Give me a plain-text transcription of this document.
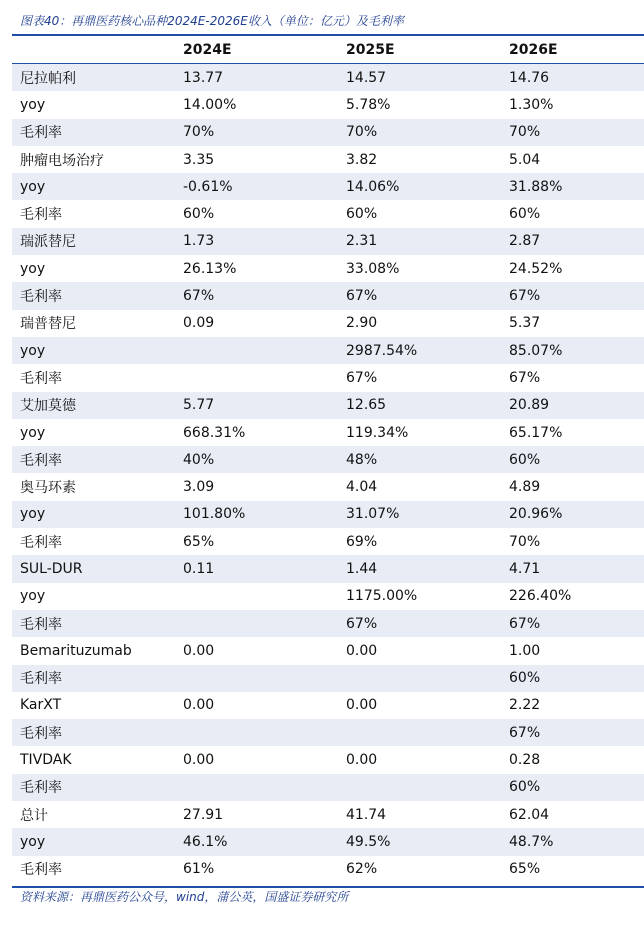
图表40：再鼎医药核心品种2024E-2026E收入（单位：亿元）及毛利率
	2024E	2025E	2026E
尼拉帕利	13.77	14.57	14.76
yoy	14.00%	5.78%	1.30%
毛利率	70%	70%	70%
肿瘤电场治疗	3.35	3.82	5.04
yoy	-0.61%	14.06%	31.88%
毛利率	60%	60%	60%
瑞派替尼	1.73	2.31	2.87
yoy	26.13%	33.08%	24.52%
毛利率	67%	67%	67%
瑞普替尼	0.09	2.90	5.37
yoy		2987.54%	85.07%
毛利率		67%	67%
艾加莫德	5.77	12.65	20.89
yoy	668.31%	119.34%	65.17%
毛利率	40%	48%	60%
奥马环素	3.09	4.04	4.89
yoy	101.80%	31.07%	20.96%
毛利率	65%	69%	70%
SUL-DUR	0.11	1.44	4.71
yoy		1175.00%	226.40%
毛利率		67%	67%
Bemarituzumab	0.00	0.00	1.00
毛利率			60%
KarXT	0.00	0.00	2.22
毛利率			67%
TIVDAK	0.00	0.00	0.28
毛利率			60%
总计	27.91	41.74	62.04
yoy	46.1%	49.5%	48.7%
毛利率	61%	62%	65%
资料来源：再鼎医药公众号，wind，蒲公英，国盛证券研究所
